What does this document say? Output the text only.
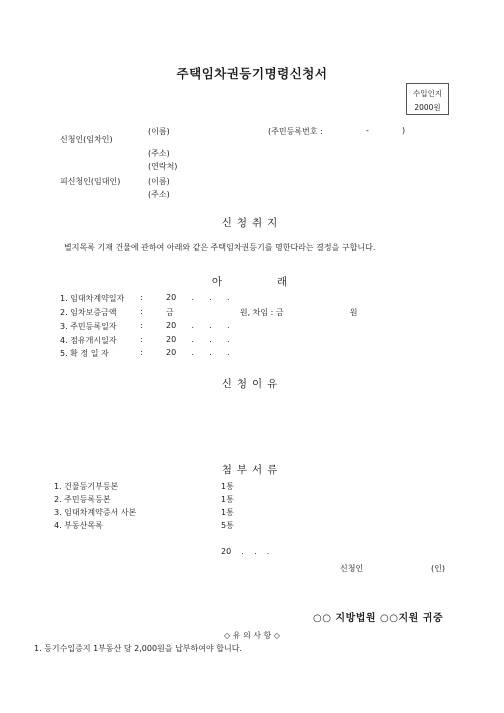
주택임차권등기명령신청서
수입인지
2000원
신청인(임차인)
(이름)	(주민등록번호 :	-	)
(주소)
(연락처)
피신청인(임대인)	(이름)
(주소)
신청취지
별지목록 기재 건물에 관하여 아래와 같은 주택임차권등기를 명한다라는 결정을 구합니다.
아      래
1. 임대차계약일자 :	20      .      .      .
2. 임차보증금액	:	금                          원, 차임 : 금                          원
3. 주민등록일자	:	20      .      .      .
4. 점유개시일자	:	20      .      .      .
5. 확 정 일 자	:	20      .      .      .
신청이유
첨부서류
1. 건물등기부등본	1통
2. 주민등록등본	1통
3. 임대차계약증서 사본	1통
4. 부동산목록	5통
20    .    .    .
신청인	(인)
○○ 지방법원 ○○지원 귀중
◇ 유 의 사 항 ◇
1. 등기수입증지 1부동산 당 2,000원을 납부하여야 합니다.
